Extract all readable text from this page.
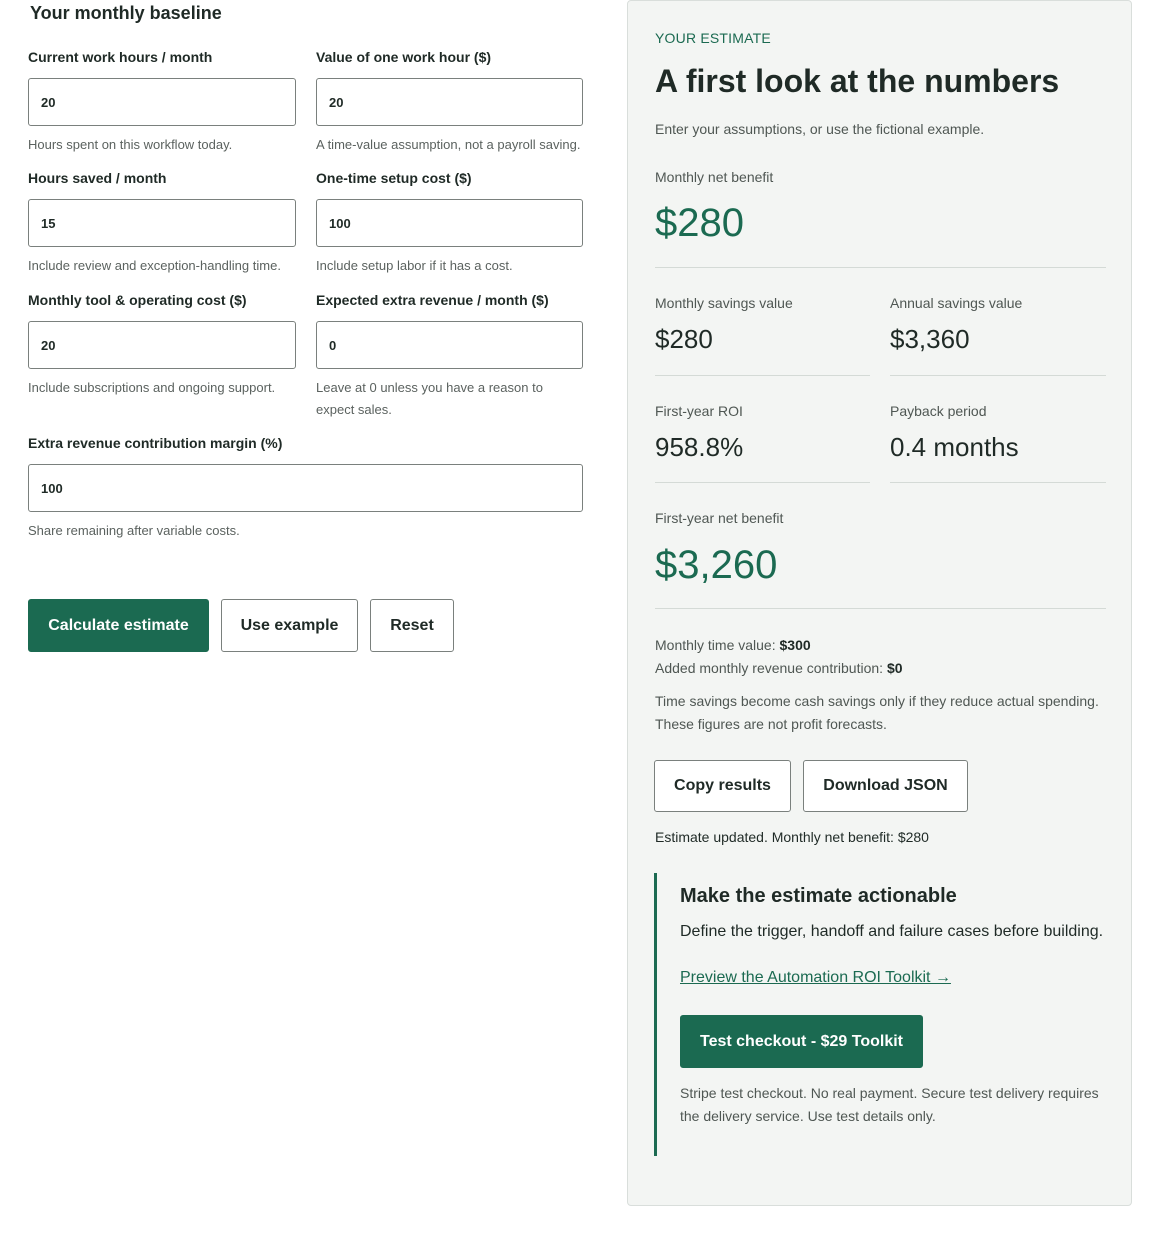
Your monthly baseline
Current work hours / month
20
Hours spent on this workflow today.
Value of one work hour ($)
20
A time-value assumption, not a payroll saving.
Hours saved / month
15
Include review and exception-handling time.
One-time setup cost ($)
100
Include setup labor if it has a cost.
Monthly tool & operating cost ($)
20
Include subscriptions and ongoing support.
Expected extra revenue / month ($)
0
Leave at 0 unless you have a reason to expect sales.
Extra revenue contribution margin (%)
100
Share remaining after variable costs.
Calculate estimate	Use example	Reset
YOUR ESTIMATE
A first look at the numbers

Enter your assumptions, or use the fictional example.

Monthly net benefit
$280
Monthly savings value
$280
Annual savings value
$3,360
First-year ROI
958.8%
Payback period
0.4 months
First-year net benefit
$3,260
Monthly time value: $300
Added monthly revenue contribution: $0

Time savings become cash savings only if they reduce actual spending. These figures are not profit forecasts.

Copy results	Download JSON
Estimate updated. Monthly net benefit: $280
Make the estimate actionable

Define the trigger, handoff and failure cases before building.

Preview the Automation ROI Toolkit →
Test checkout - $29 Toolkit

Stripe test checkout. No real payment. Secure test delivery requires the delivery service. Use test details only.
